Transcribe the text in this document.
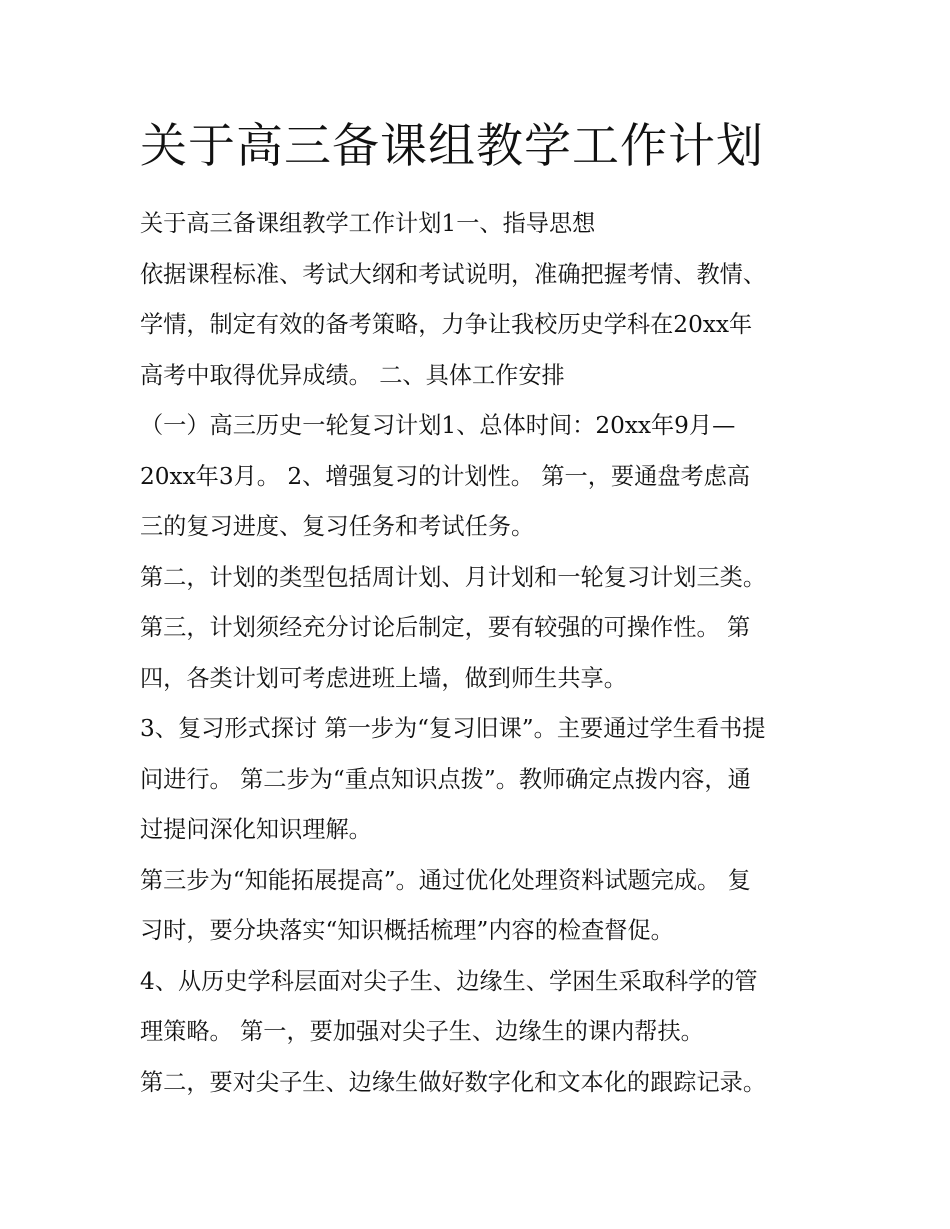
关于高三备课组教学工作计划
关于高三备课组教学工作计划1一、指导思想
依据课程标准、考试大纲和考试说明，准确把握考情、教情、
学情，制定有效的备考策略，力争让我校历史学科在20xx年
高考中取得优异成绩。 二、具体工作安排
（一）高三历史一轮复习计划1、总体时间：20xx年9月—
20xx年3月。 2、增强复习的计划性。 第一，要通盘考虑高
三的复习进度、复习任务和考试任务。
第二，计划的类型包括周计划、月计划和一轮复习计划三类。
第三，计划须经充分讨论后制定，要有较强的可操作性。 第
四，各类计划可考虑进班上墙，做到师生共享。
3、复习形式探讨 第一步为“复习旧课”。主要通过学生看书提
问进行。 第二步为“重点知识点拨”。教师确定点拨内容，通
过提问深化知识理解。
第三步为“知能拓展提高”。通过优化处理资料试题完成。 复
习时，要分块落实“知识概括梳理”内容的检查督促。
4、从历史学科层面对尖子生、边缘生、学困生采取科学的管
理策略。 第一，要加强对尖子生、边缘生的课内帮扶。
第二，要对尖子生、边缘生做好数字化和文本化的跟踪记录。
